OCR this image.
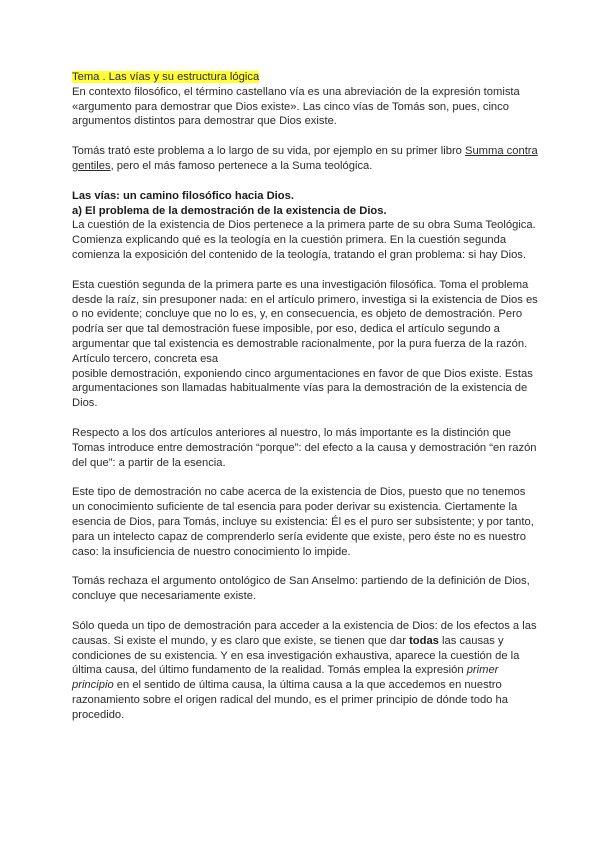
Tema . Las vías y su estructura lógica

En contexto filosófico, el término castellano vía es una abreviación de la expresión tomista «argumento para demostrar que Dios existe». Las cinco vías de Tomás son, pues, cinco argumentos distintos para demostrar que Dios existe.

Tomás trató este problema a lo largo de su vida, por ejemplo en su primer libro Summa contra gentiles, pero el más famoso pertenece a la Suma teológica.

Las vías: un camino filosófico hacia Dios.

a) El problema de la demostración de la existencia de Dios.

La cuestión de la existencia de Dios pertenece a la primera parte de su obra Suma Teológica. Comienza explicando qué es la teología en la cuestión primera. En la cuestión segunda comienza la exposición del contenido de la teología, tratando el gran problema: si hay Dios.

Esta cuestión segunda de la primera parte es una investigación filosófica. Toma el problema desde la raíz, sin presuponer nada: en el artículo primero, investiga si la existencia de Dios es o no evidente; concluye que no lo es, y, en consecuencia, es objeto de demostración. Pero podría ser que tal demostración fuese imposible, por eso, dedica el artículo segundo a argumentar que tal existencia es demostrable racionalmente, por la pura fuerza de la razón. Artículo tercero, concreta esa

posible demostración, exponiendo cinco argumentaciones en favor de que Dios existe. Estas argumentaciones son llamadas habitualmente vías para la demostración de la existencia de Dios.

Respecto a los dos artículos anteriores al nuestro, lo más importante es la distinción que Tomas introduce entre demostración “porque”: del efecto a la causa y demostración “en razón del que”: a partir de la esencia.

Este tipo de demostración no cabe acerca de la existencia de Dios, puesto que no tenemos un conocimiento suficiente de tal esencia para poder derivar su existencia. Ciertamente la esencia de Dios, para Tomás, incluye su existencia: Él es el puro ser subsistente; y por tanto, para un intelecto capaz de comprenderlo sería evidente que existe, pero éste no es nuestro caso: la insuficiencia de nuestro conocimiento lo impide.

Tomás rechaza el argumento ontológico de San Anselmo: partiendo de la definición de Dios, concluye que necesariamente existe.

Sólo queda un tipo de demostración para acceder a la existencia de Dios: de los efectos a las causas. Si existe el mundo, y es claro que existe, se tienen que dar todas las causas y condiciones de su existencia. Y en esa investigación exhaustiva, aparece la cuestión de la última causa, del último fundamento de la realidad. Tomás emplea la expresión primer principio en el sentido de última causa, la última causa a la que accedemos en nuestro razonamiento sobre el origen radical del mundo, es el primer principio de dónde todo ha procedido.
